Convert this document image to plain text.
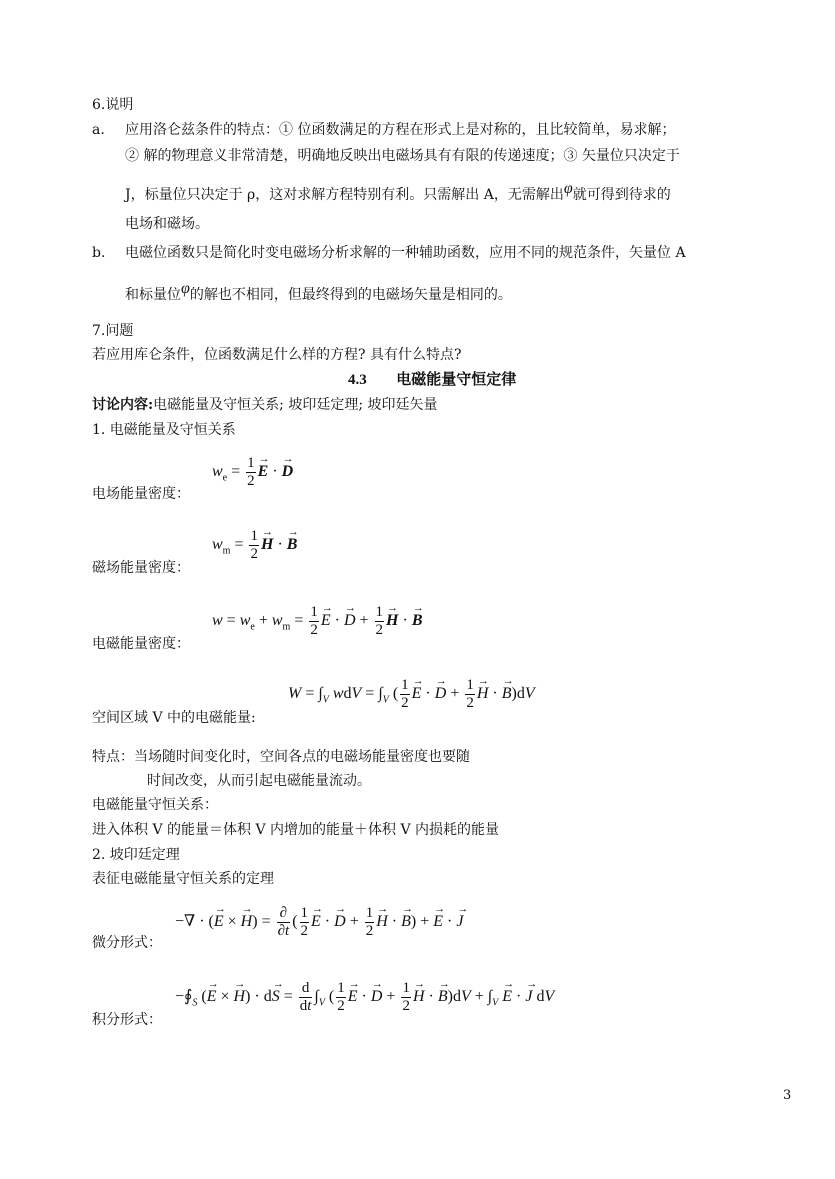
6.说明
a. 应用洛仑兹条件的特点：① 位函数满足的方程在形式上是对称的，且比较简单，易求解；
② 解的物理意义非常清楚，明确地反映出电磁场具有有限的传递速度；③ 矢量位只决定于
J，标量位只决定于 ρ，这对求解方程特别有利。只需解出 A，无需解出φ就可得到待求的
电场和磁场。
b. 电磁位函数只是简化时变电磁场分析求解的一种辅助函数，应用不同的规范条件，矢量位 A
和标量位φ的解也不相同，但最终得到的电磁场矢量是相同的。
7.问题
若应用库仑条件，位函数满足什么样的方程? 具有什么特点?
4.3 电磁能量守恒定律
讨论内容:电磁能量及守恒关系; 坡印廷定理; 坡印廷矢量
1. 电磁能量及守恒关系
电场能量密度：
$w_e = \frac{1}{2}$
→ E · → D
磁场能量密度：
$w_m = \frac{1}{2}$
→ H · → B
电磁能量密度：
$w = w_e + w_m = \frac{1}{2}$
→ E · → $D + \frac{1}{2}$
→ H · → B
空间区域 V 中的电磁能量:
$W = \int_V$ wdV = $\int_V$ ( $\frac{1}{2}$
→ E · → $D + \frac{1}{2}$
→ H · → B)dV
特点：当场随时间变化时，空间各点的电磁场能量密度也要随
时间改变，从而引起电磁能量流动。
电磁能量守恒关系：
进入体积 V 的能量＝体积 V 内增加的能量＋体积 V 内损耗的能量
2. 坡印廷定理
表征电磁能量守恒关系的定理
微分形式：
−∇ · (→ E × → $H) = \frac{\partial}{\partial t}$ ( $\frac{1}{2}$
→ E · → $D + \frac{1}{2}$
→ H · → B) + → E · → J
积分形式：
$-∮_S$ (→ E × → $H) \cdot d\to S = \frac{d}{dt} \int_V$ ( $\frac{1}{2}$
→ E · → $D + \frac{1}{2}$
→ H · → $B)dV + \int_V \to E$ · → J dV
3
